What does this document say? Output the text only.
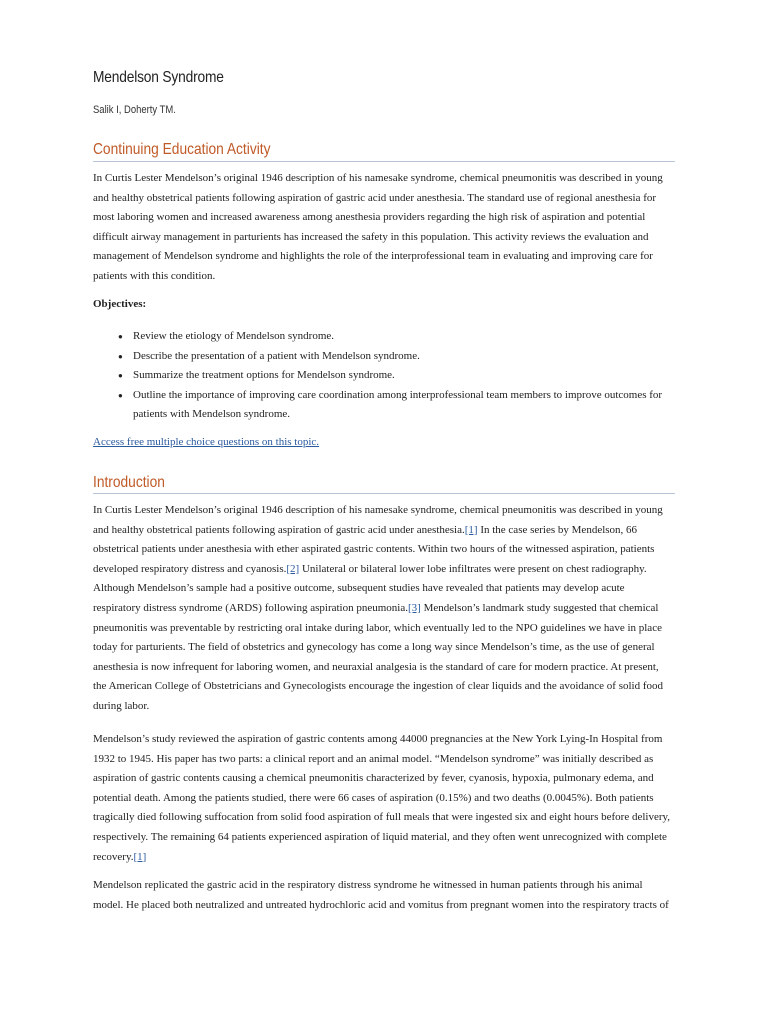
Mendelson Syndrome
Salik I, Doherty TM.
Continuing Education Activity
In Curtis Lester Mendelson’s original 1946 description of his namesake syndrome, chemical pneumonitis was described in young
and healthy obstetrical patients following aspiration of gastric acid under anesthesia. The standard use of regional anesthesia for
most laboring women and increased awareness among anesthesia providers regarding the high risk of aspiration and potential
difficult airway management in parturients has increased the safety in this population. This activity reviews the evaluation and
management of Mendelson syndrome and highlights the role of the interprofessional team in evaluating and improving care for
patients with this condition.
Objectives:
● Review the etiology of Mendelson syndrome.
● Describe the presentation of a patient with Mendelson syndrome.
● Summarize the treatment options for Mendelson syndrome.
● Outline the importance of improving care coordination among interprofessional team members to improve outcomes for
patients with Mendelson syndrome.
Access free multiple choice questions on this topic.
Introduction
In Curtis Lester Mendelson’s original 1946 description of his namesake syndrome, chemical pneumonitis was described in young
and healthy obstetrical patients following aspiration of gastric acid under anesthesia.[1] In the case series by Mendelson, 66
obstetrical patients under anesthesia with ether aspirated gastric contents. Within two hours of the witnessed aspiration, patients
developed respiratory distress and cyanosis.[2] Unilateral or bilateral lower lobe infiltrates were present on chest radiography.
Although Mendelson’s sample had a positive outcome, subsequent studies have revealed that patients may develop acute
respiratory distress syndrome (ARDS) following aspiration pneumonia.[3] Mendelson’s landmark study suggested that chemical
pneumonitis was preventable by restricting oral intake during labor, which eventually led to the NPO guidelines we have in place
today for parturients. The field of obstetrics and gynecology has come a long way since Mendelson’s time, as the use of general
anesthesia is now infrequent for laboring women, and neuraxial analgesia is the standard of care for modern practice. At present,
the American College of Obstetricians and Gynecologists encourage the ingestion of clear liquids and the avoidance of solid food
during labor.
Mendelson’s study reviewed the aspiration of gastric contents among 44000 pregnancies at the New York Lying-In Hospital from
1932 to 1945. His paper has two parts: a clinical report and an animal model. “Mendelson syndrome” was initially described as
aspiration of gastric contents causing a chemical pneumonitis characterized by fever, cyanosis, hypoxia, pulmonary edema, and
potential death. Among the patients studied, there were 66 cases of aspiration (0.15%) and two deaths (0.0045%). Both patients
tragically died following suffocation from solid food aspiration of full meals that were ingested six and eight hours before delivery,
respectively. The remaining 64 patients experienced aspiration of liquid material, and they often went unrecognized with complete
recovery.[1]
Mendelson replicated the gastric acid in the respiratory distress syndrome he witnessed in human patients through his animal
model. He placed both neutralized and untreated hydrochloric acid and vomitus from pregnant women into the respiratory tracts of
